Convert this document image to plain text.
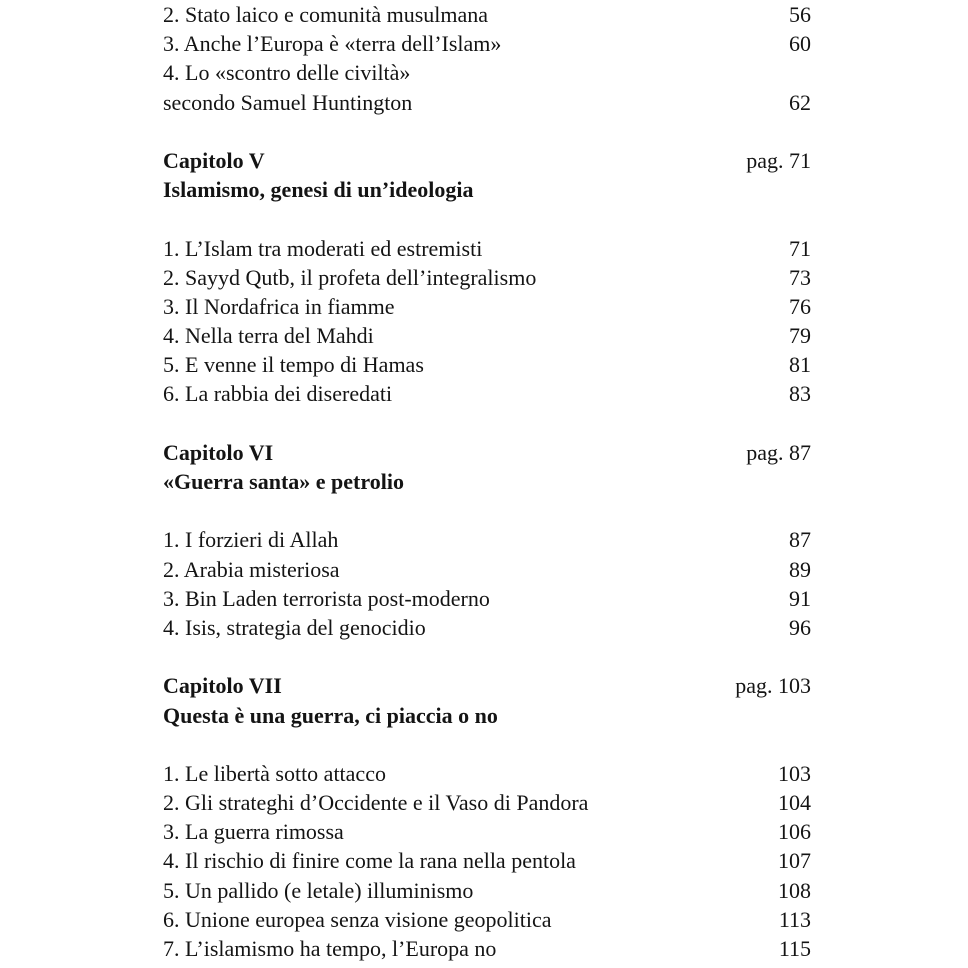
2. Stato laico e comunità musulmana	56
3. Anche l’Europa è «terra dell’Islam»	60
4. Lo «scontro delle civiltà»
secondo Samuel Huntington	62
Capitolo V	pag. 71
Islamismo, genesi di un’ideologia
1. L’Islam tra moderati ed estremisti	71
2. Sayyd Qutb, il profeta dell’integralismo	73
3. Il Nordafrica in fiamme	76
4. Nella terra del Mahdi	79
5. E venne il tempo di Hamas	81
6. La rabbia dei diseredati	83
Capitolo VI	pag. 87
«Guerra santa» e petrolio
1. I forzieri di Allah	87
2. Arabia misteriosa	89
3. Bin Laden terrorista post-moderno	91
4. Isis, strategia del genocidio	96
Capitolo VII	pag. 103
Questa è una guerra, ci piaccia o no
1. Le libertà sotto attacco	103
2. Gli strateghi d’Occidente e il Vaso di Pandora	104
3. La guerra rimossa	106
4. Il rischio di finire come la rana nella pentola	107
5. Un pallido (e letale) illuminismo	108
6. Unione europea senza visione geopolitica	113
7. L’islamismo ha tempo, l’Europa no	115
